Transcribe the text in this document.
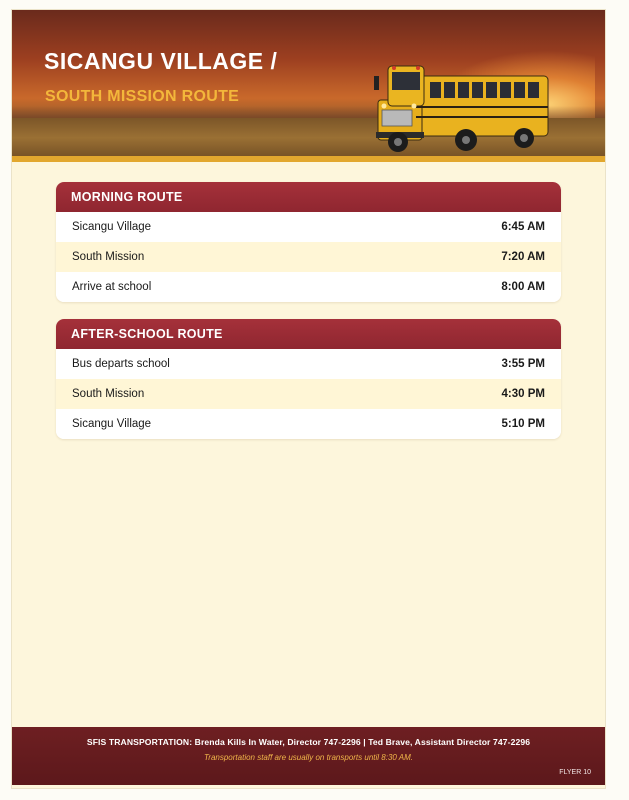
SICANGU VILLAGE /
SOUTH MISSION ROUTE
MORNING ROUTE
Sicangu Village	6:45 AM
South Mission	7:20 AM
Arrive at school	8:00 AM
AFTER-SCHOOL ROUTE
Bus departs school	3:55 PM
South Mission	4:30 PM
Sicangu Village	5:10 PM
SFIS TRANSPORTATION: Brenda Kills In Water, Director 747-2296 | Ted Brave, Assistant Director 747-2296
Transportation staff are usually on transports until 8:30 AM.
FLYER 10
